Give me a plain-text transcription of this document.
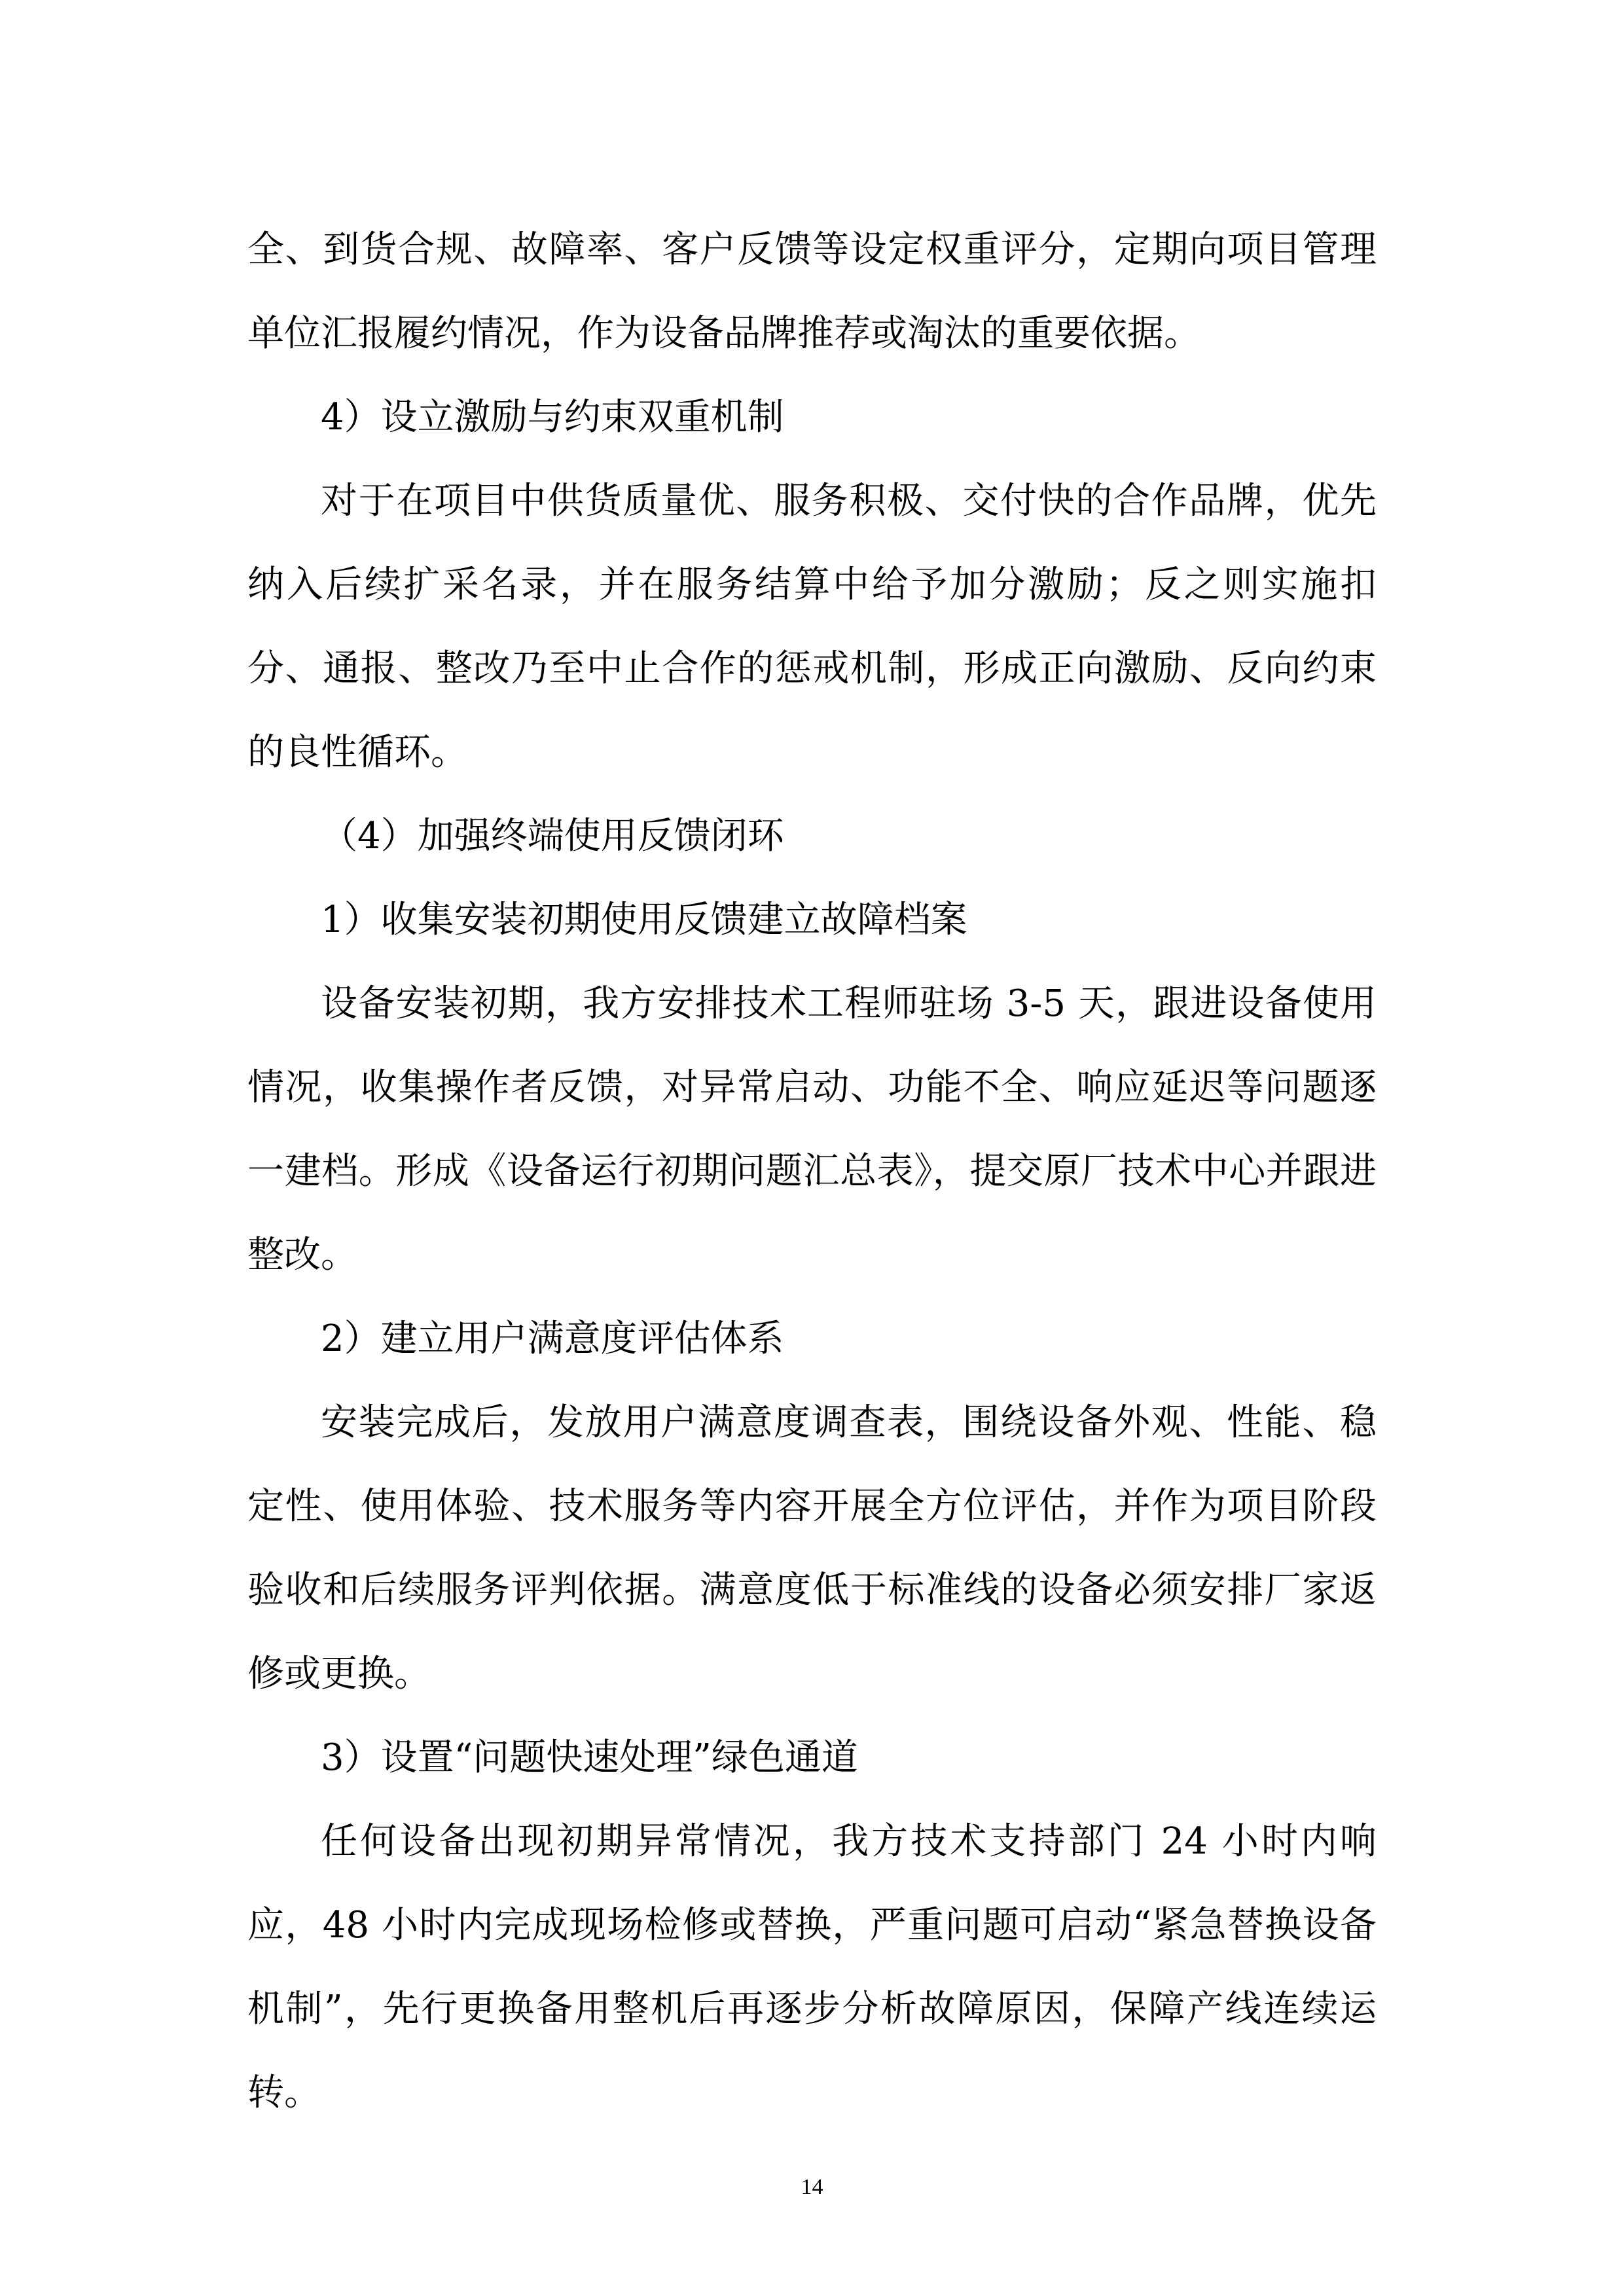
全、到货合规、故障率、客户反馈等设定权重评分，定期向项目管理单位汇报履约情况，作为设备品牌推荐或淘汰的重要依据。

4）设立激励与约束双重机制

对于在项目中供货质量优、服务积极、交付快的合作品牌，优先纳入后续扩采名录，并在服务结算中给予加分激励；反之则实施扣分、通报、整改乃至中止合作的惩戒机制，形成正向激励、反向约束的良性循环。

（4）加强终端使用反馈闭环

1）收集安装初期使用反馈建立故障档案

设备安装初期，我方安排技术工程师驻场 3-5 天，跟进设备使用情况，收集操作者反馈，对异常启动、功能不全、响应延迟等问题逐一建档。形成《设备运行初期问题汇总表》，提交原厂技术中心并跟进整改。

2）建立用户满意度评估体系

安装完成后，发放用户满意度调查表，围绕设备外观、性能、稳定性、使用体验、技术服务等内容开展全方位评估，并作为项目阶段验收和后续服务评判依据。满意度低于标准线的设备必须安排厂家返修或更换。

3）设置“问题快速处理”绿色通道

任何设备出现初期异常情况，我方技术支持部门 24 小时内响应，48 小时内完成现场检修或替换，严重问题可启动“紧急替换设备机制”，先行更换备用整机后再逐步分析故障原因，保障产线连续运转。

14
